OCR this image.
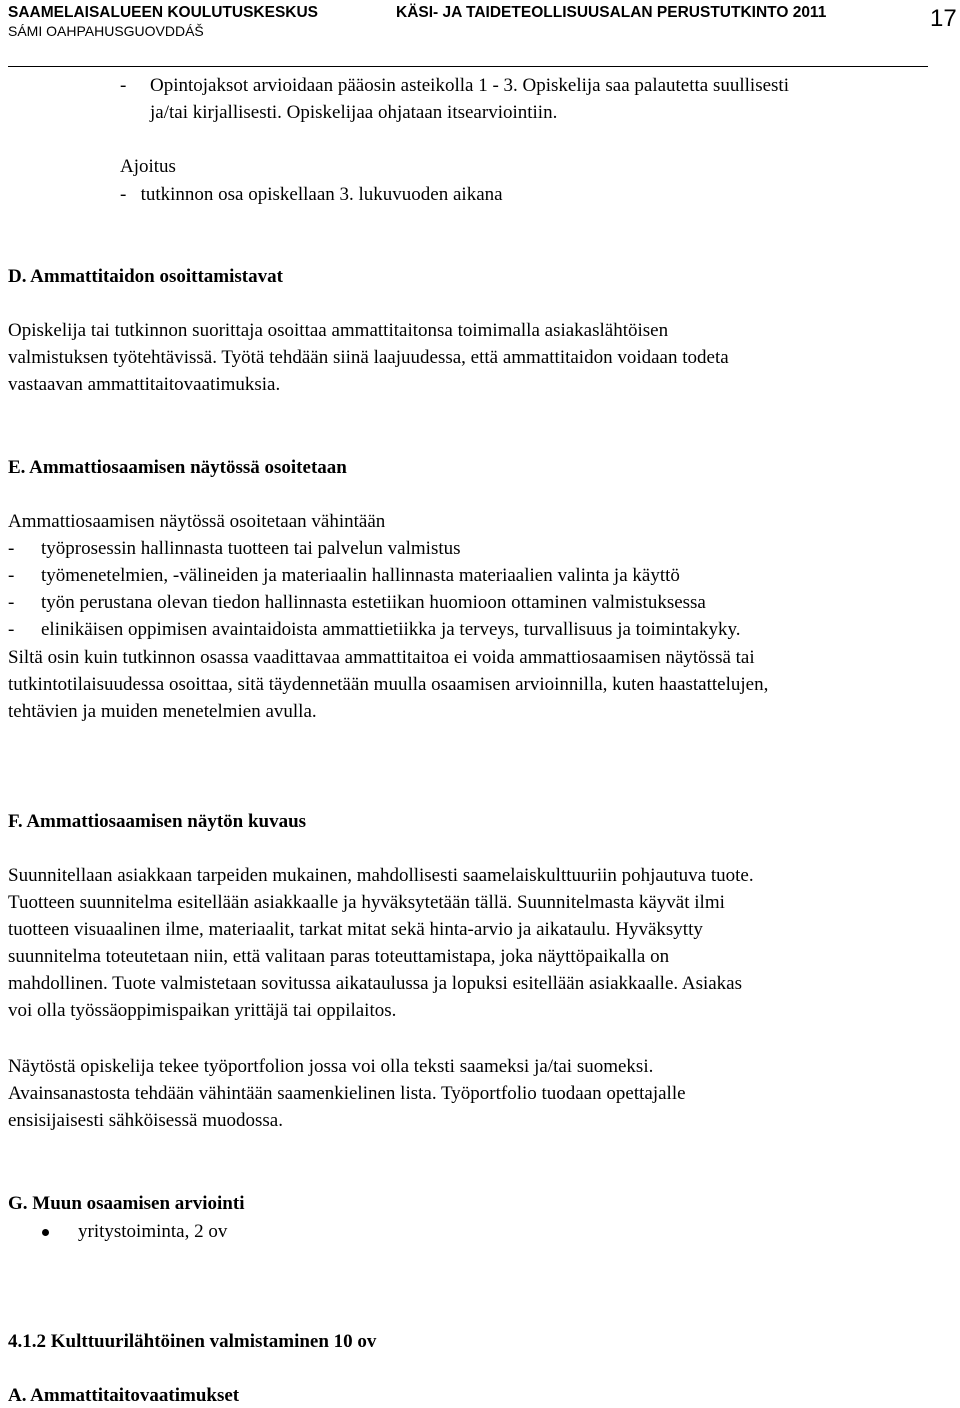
SAAMELAISALUEEN KOULUTUSKESKUS
SÁMI OAHPAHUSGUOVDDÁŠ
KÄSI- JA TAIDETEOLLISUUSALAN PERUSTUTKINTO 2011	17
- Opintojaksot arvioidaan pääosin asteikolla 1 - 3. Opiskelija saa palautetta suullisesti
ja/tai kirjallisesti. Opiskelijaa ohjataan itsearviointiin.
Ajoitus
-   tutkinnon osa opiskellaan 3. lukuvuoden aikana
D. Ammattitaidon osoittamistavat
Opiskelija tai tutkinnon suorittaja osoittaa ammattitaitonsa toimimalla asiakaslähtöisen
valmistuksen työtehtävissä. Työtä tehdään siinä laajuudessa, että ammattitaidon voidaan todeta
vastaavan ammattitaitovaatimuksia.
E. Ammattiosaamisen näytössä osoitetaan
Ammattiosaamisen näytössä osoitetaan vähintään
- työprosessin hallinnasta tuotteen tai palvelun valmistus
- työmenetelmien, -välineiden ja materiaalin hallinnasta materiaalien valinta ja käyttö
- työn perustana olevan tiedon hallinnasta estetiikan huomioon ottaminen valmistuksessa
- elinikäisen oppimisen avaintaidoista ammattietiikka ja terveys, turvallisuus ja toimintakyky.
Siltä osin kuin tutkinnon osassa vaadittavaa ammattitaitoa ei voida ammattiosaamisen näytössä tai
tutkintotilaisuudessa osoittaa, sitä täydennetään muulla osaamisen arvioinnilla, kuten haastattelujen,
tehtävien ja muiden menetelmien avulla.
F. Ammattiosaamisen näytön kuvaus
Suunnitellaan asiakkaan tarpeiden mukainen, mahdollisesti saamelaiskulttuuriin pohjautuva tuote.
Tuotteen suunnitelma esitellään asiakkaalle ja hyväksytetään tällä. Suunnitelmasta käyvät ilmi
tuotteen visuaalinen ilme, materiaalit, tarkat mitat sekä hinta-arvio ja aikataulu. Hyväksytty
suunnitelma toteutetaan niin, että valitaan paras toteuttamistapa, joka näyttöpaikalla on
mahdollinen. Tuote valmistetaan sovitussa aikataulussa ja lopuksi esitellään asiakkaalle. Asiakas
voi olla työssäoppimispaikan yrittäjä tai oppilaitos.
Näytöstä opiskelija tekee työportfolion jossa voi olla teksti saameksi ja/tai suomeksi.
Avainsanastosta tehdään vähintään saamenkielinen lista. Työportfolio tuodaan opettajalle
ensisijaisesti sähköisessä muodossa.
G. Muun osaamisen arviointi
yritystoiminta, 2 ov
4.1.2 Kulttuurilähtöinen valmistaminen 10 ov
A. Ammattitaitovaatimukset
